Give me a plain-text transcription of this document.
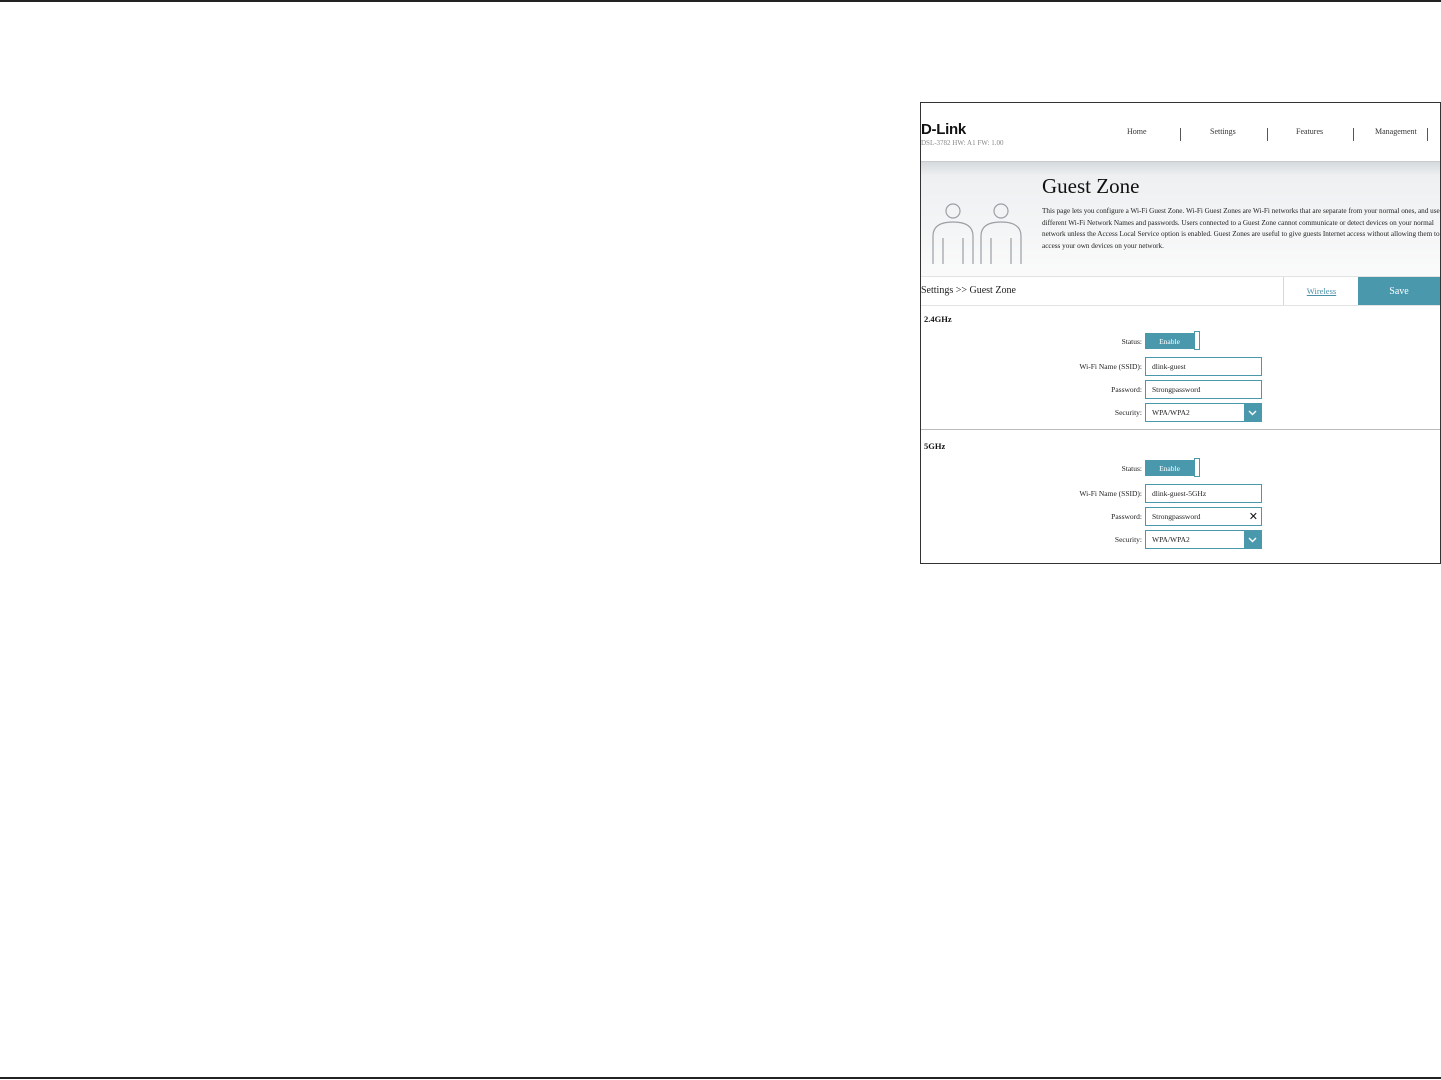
D-Link
DSL-3782 HW: A1 FW: 1.00
Home	Settings	Features	Management
Guest Zone
This page lets you configure a Wi-Fi Guest Zone. Wi-Fi Guest Zones are Wi-Fi networks that are separate from your normal ones, and use different Wi-Fi Network Names and passwords. Users connected to a Guest Zone cannot communicate or detect devices on your normal network unless the Access Local Service option is enabled. Guest Zones are useful to give guests Internet access without allowing them to access your own devices on your network.
Settings >> Guest Zone	Wireless	Save
2.4GHz
Status:	Enable
Wi-Fi Name (SSID):
dlink-guest
Password:
Strongpassword
Security: WPA/WPA2
5GHz
Status:	Enable
Wi-Fi Name (SSID):
dlink-guest-5GHz
Password:
Strongpassword	✕
Security: WPA/WPA2
